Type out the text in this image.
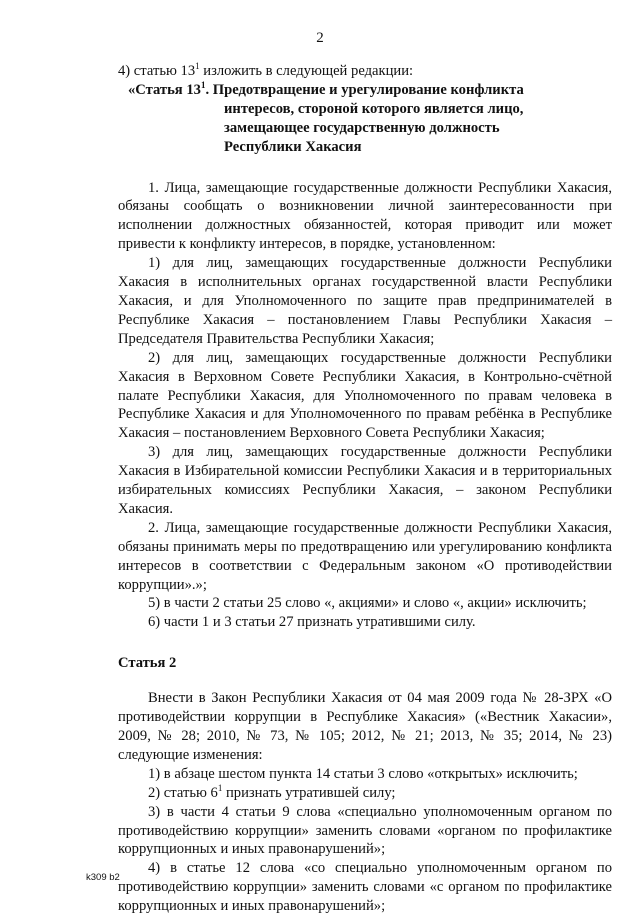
2

4) статью $13^1$ изложить в следующей редакции:

«Статья $13^1$. Предотвращение и урегулирование конфликта

интересов, стороной которого является лицо,

замещающее государственную должность

Республики Хакасия

1. Лица, замещающие государственные должности Республики Хакасия, обязаны сообщать о возникновении личной заинтересованности при исполнении должностных обязанностей, которая приводит или может привести к конфликту интересов, в порядке, установленном:

1) для лиц, замещающих государственные должности Республики Хакасия в исполнительных органах государственной власти Республики Хакасия, и для Уполномоченного по защите прав предпринимателей в Республике Хакасия – постановлением Главы Республики Хакасия – Председателя Правительства Республики Хакасия;

2) для лиц, замещающих государственные должности Республики Хакасия в Верховном Совете Республики Хакасия, в Контрольно-счётной палате Республики Хакасия, для Уполномоченного по правам человека в Республике Хакасия и для Уполномоченного по правам ребёнка в Республике Хакасия – постановлением Верховного Совета Республики Хакасия;

3) для лиц, замещающих государственные должности Республики Хакасия в Избирательной комиссии Республики Хакасия и в территориальных избирательных комиссиях Республики Хакасия, – законом Республики Хакасия.

2. Лица, замещающие государственные должности Республики Хакасия, обязаны принимать меры по предотвращению или урегулированию конфликта интересов в соответствии с Федеральным законом «О противодействии коррупции».»;

5) в части 2 статьи 25 слово «, акциями» и слово «, акции» исключить;

6) части 1 и 3 статьи 27 признать утратившими силу.

Статья 2

Внести в Закон Республики Хакасия от 04 мая 2009 года № 28-ЗРХ «О противодействии коррупции в Республике Хакасия» («Вестник Хакасии», 2009, № 28; 2010, № 73, № 105; 2012, № 21; 2013, № 35; 2014, № 23) следующие изменения:

1) в абзаце шестом пункта 14 статьи 3 слово «открытых» исключить;

2) статью $6^1$ признать утратившей силу;

3) в части 4 статьи 9 слова «специально уполномоченным органом по противодействию коррупции» заменить словами «органом по профилактике коррупционных и иных правонарушений»;

4) в статье 12 слова «со специально уполномоченным органом по противодействию коррупции» заменить словами «с органом по профилактике коррупционных и иных правонарушений»;

k309 b2
